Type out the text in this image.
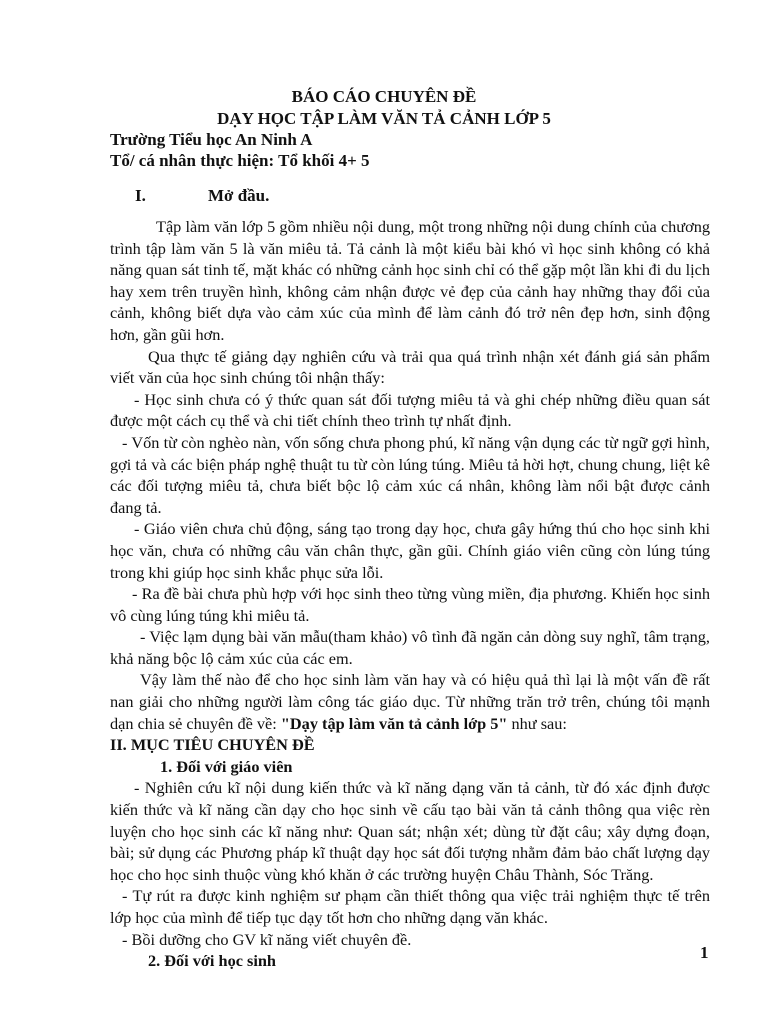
BÁO CÁO CHUYÊN ĐỀ
DẠY HỌC TẬP LÀM VĂN TẢ CẢNH LỚP 5
Trường Tiểu học An Ninh A
Tổ/ cá nhân thực hiện: Tổ khối 4+ 5
I.	Mở đầu.

Tập làm văn lớp 5 gồm nhiều nội dung, một trong những nội dung chính của chương trình tập làm văn 5 là văn miêu tả. Tả cảnh là một kiểu bài khó vì học sinh không có khả năng quan sát tinh tế, mặt khác có những cảnh học sinh chỉ có thể gặp một lần khi đi du lịch hay xem trên truyền hình, không cảm nhận được vẻ đẹp của cảnh hay những thay đổi của cảnh, không biết dựa vào cảm xúc của mình để làm cảnh đó trở nên đẹp hơn, sinh động hơn, gần gũi hơn.

Qua thực tế giảng dạy nghiên cứu và trải qua quá trình nhận xét đánh giá sản phẩm viết văn của học sinh chúng tôi nhận thấy:

- Học sinh chưa có ý thức quan sát đối tượng miêu tả và ghi chép những điều quan sát được một cách cụ thể và chi tiết chính theo trình tự nhất định.

- Vốn từ còn nghèo nàn, vốn sống chưa phong phú, kĩ năng vận dụng các từ ngữ gợi hình, gợi tả và các biện pháp nghệ thuật tu từ còn lúng túng. Miêu tả hời hợt, chung chung, liệt kê các đối tượng miêu tả, chưa biết bộc lộ cảm xúc cá nhân, không làm nổi bật được cảnh đang tả.

- Giáo viên chưa chủ động, sáng tạo trong dạy học, chưa gây hứng thú cho học sinh khi học văn, chưa có những câu văn chân thực, gần gũi. Chính giáo viên cũng còn lúng túng trong khi giúp học sinh khắc phục sửa lỗi.

- Ra đề bài chưa phù hợp với học sinh theo từng vùng miền, địa phương. Khiến học sinh vô cùng lúng túng khi miêu tả.

- Việc lạm dụng bài văn mẫu(tham khảo) vô tình đã ngăn cản dòng suy nghĩ, tâm trạng, khả năng bộc lộ cảm xúc của các em.

Vậy làm thế nào để cho học sinh làm văn hay và có hiệu quả thì lại là một vấn đề rất nan giải cho những người làm công tác giáo dục. Từ những trăn trở trên, chúng tôi mạnh dạn chia sẻ chuyên đề về: "Dạy tập làm văn tả cảnh lớp 5" như sau:

II. MỤC TIÊU CHUYÊN ĐỀ

1. Đối với giáo viên

- Nghiên cứu kĩ nội dung kiến thức và kĩ năng dạng văn tả cảnh, từ đó xác định được kiến thức và kĩ năng cần dạy cho học sinh về cấu tạo bài văn tả cảnh thông qua việc rèn luyện cho học sinh các kĩ năng như: Quan sát; nhận xét; dùng từ đặt câu; xây dựng đoạn, bài; sử dụng các Phương pháp kĩ thuật dạy học sát đối tượng nhằm đảm bảo chất lượng dạy học cho học sinh thuộc vùng khó khăn ở các trường huyện Châu Thành, Sóc Trăng.

- Tự rút ra được kinh nghiệm sư phạm cần thiết thông qua việc trải nghiệm thực tế trên lớp học của mình để tiếp tục dạy tốt hơn cho những dạng văn khác.

- Bồi dưỡng cho GV kĩ năng viết chuyên đề.

2. Đối với học sinh	1
